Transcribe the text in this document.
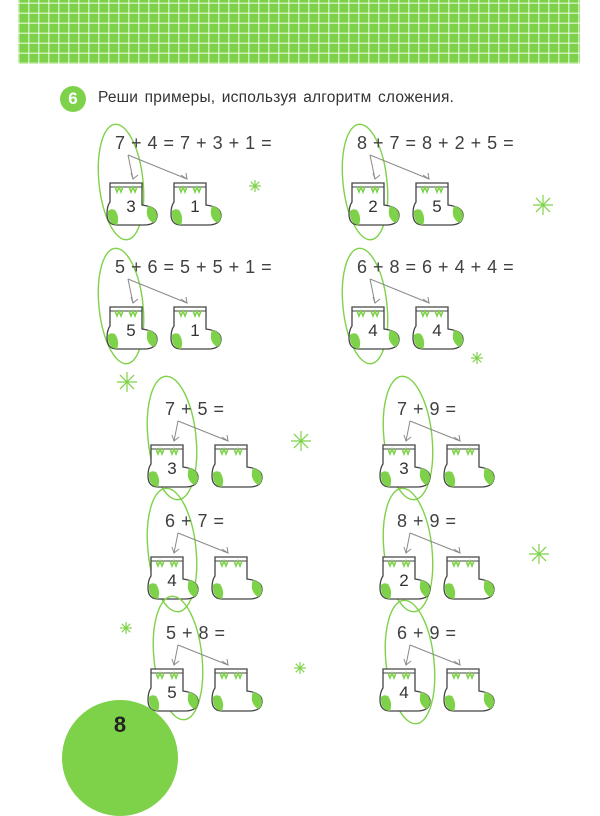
6	Реши примеры, используя алгоритм сложения.
7 + 4 = 7 + 3 + 1 =
3	1
8 + 7 = 8 + 2 + 5 =
2	5
5 + 6 = 5 + 5 + 1 =
5	1
6 + 8 = 6 + 4 + 4 =
4	4
7 + 5 =
3
7 + 9 =
3
6 + 7 =
4
8 + 9 =
2
5 + 8 =
5
6 + 9 =
4
8
